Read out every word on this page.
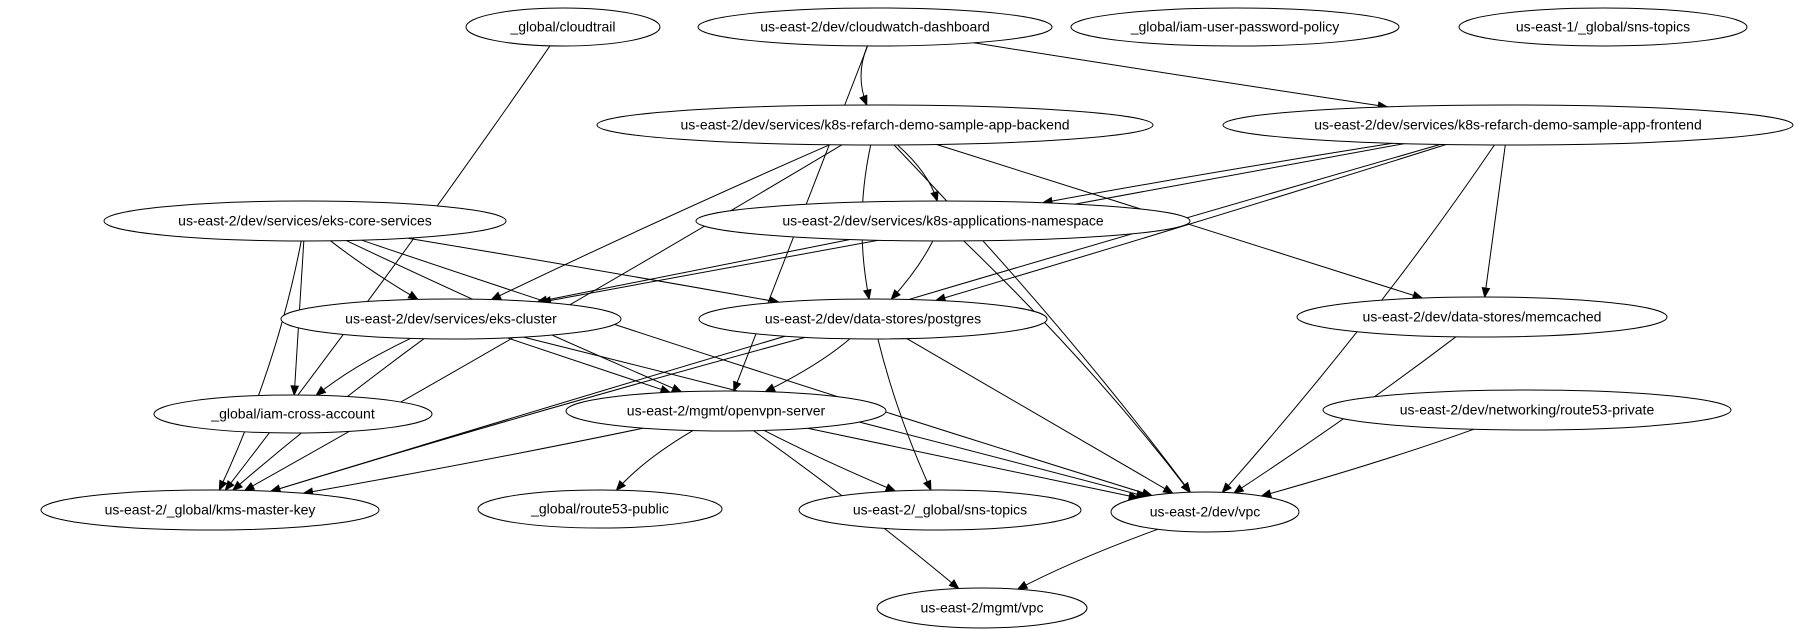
_global/cloudtrail	us-east-2/dev/cloudwatch-dashboard	_global/iam-user-password-policy	us-east-1/_global/sns-topics
us-east-2/dev/services/k8s-refarch-demo-sample-app-backend	us-east-2/dev/services/k8s-refarch-demo-sample-app-frontend
us-east-2/dev/services/eks-core-services	us-east-2/dev/services/k8s-applications-namespace
us-east-2/dev/services/eks-cluster	us-east-2/dev/data-stores/postgres	us-east-2/dev/data-stores/memcached
_global/iam-cross-account	us-east-2/mgmt/openvpn-server	us-east-2/dev/networking/route53-private
us-east-2/_global/kms-master-key	_global/route53-public	us-east-2/_global/sns-topics	us-east-2/dev/vpc
us-east-2/mgmt/vpc
